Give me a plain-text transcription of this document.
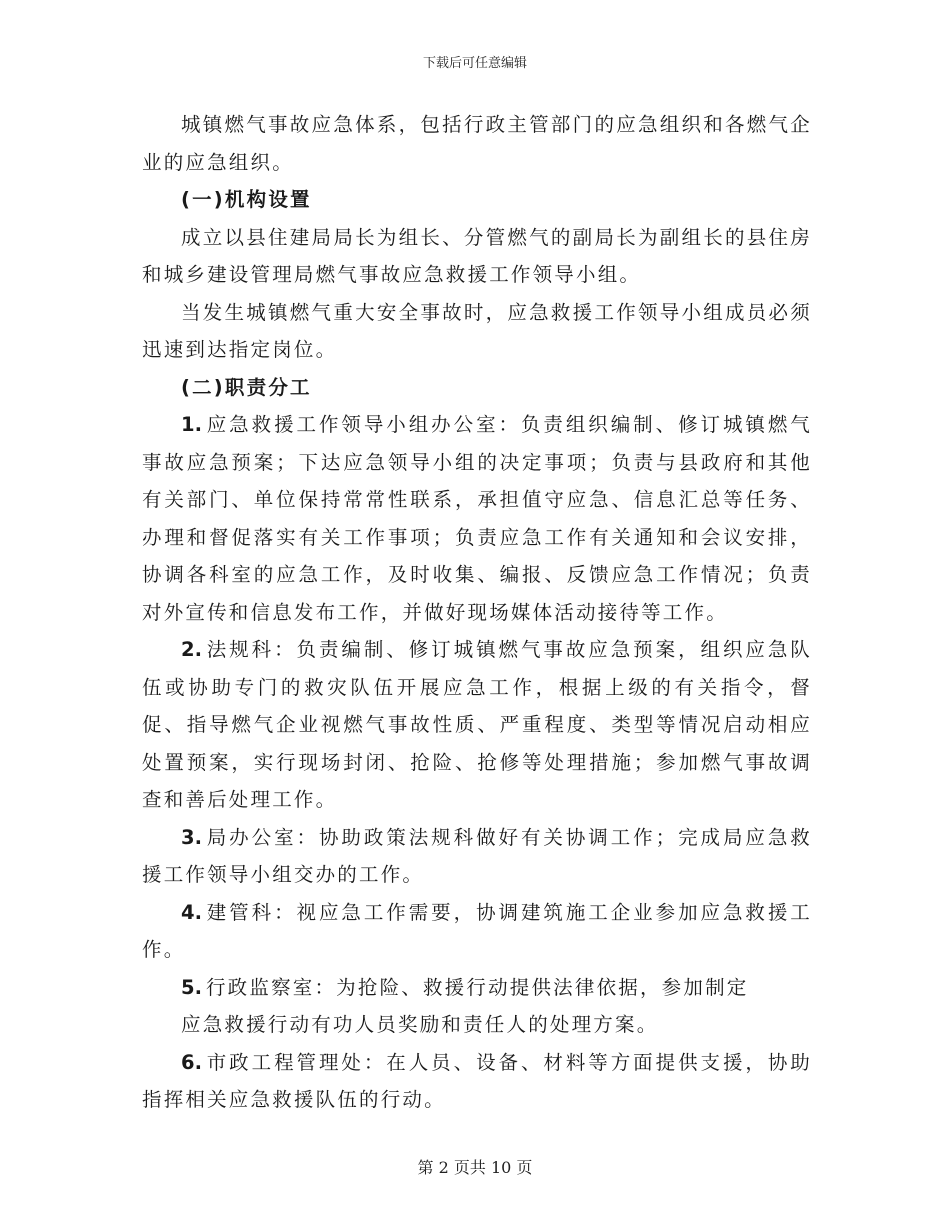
下载后可任意编辑

城镇燃气事故应急体系，包括行政主管部门的应急组织和各燃气企业的应急组织。

(一)机构设置

成立以县住建局局长为组长、分管燃气的副局长为副组长的县住房和城乡建设管理局燃气事故应急救援工作领导小组。

当发生城镇燃气重大安全事故时，应急救援工作领导小组成员必须迅速到达指定岗位。

(二)职责分工

1. 应急救援工作领导小组办公室：负责组织编制、修订城镇燃气事故应急预案；下达应急领导小组的决定事项；负责与县政府和其他有关部门、单位保持常常性联系，承担值守应急、信息汇总等任务、办理和督促落实有关工作事项；负责应急工作有关通知和会议安排，协调各科室的应急工作，及时收集、编报、反馈应急工作情况；负责对外宣传和信息发布工作，并做好现场媒体活动接待等工作。

2. 法规科：负责编制、修订城镇燃气事故应急预案，组织应急队伍或协助专门的救灾队伍开展应急工作，根据上级的有关指令，督促、指导燃气企业视燃气事故性质、严重程度、类型等情况启动相应处置预案，实行现场封闭、抢险、抢修等处理措施；参加燃气事故调查和善后处理工作。

3. 局办公室：协助政策法规科做好有关协调工作；完成局应急救援工作领导小组交办的工作。

4. 建管科：视应急工作需要，协调建筑施工企业参加应急救援工作。

5. 行政监察室：为抢险、救援行动提供法律依据，参加制定

应急救援行动有功人员奖励和责任人的处理方案。

6. 市政工程管理处：在人员、设备、材料等方面提供支援，协助指挥相关应急救援队伍的行动。

第 2 页共 10 页
